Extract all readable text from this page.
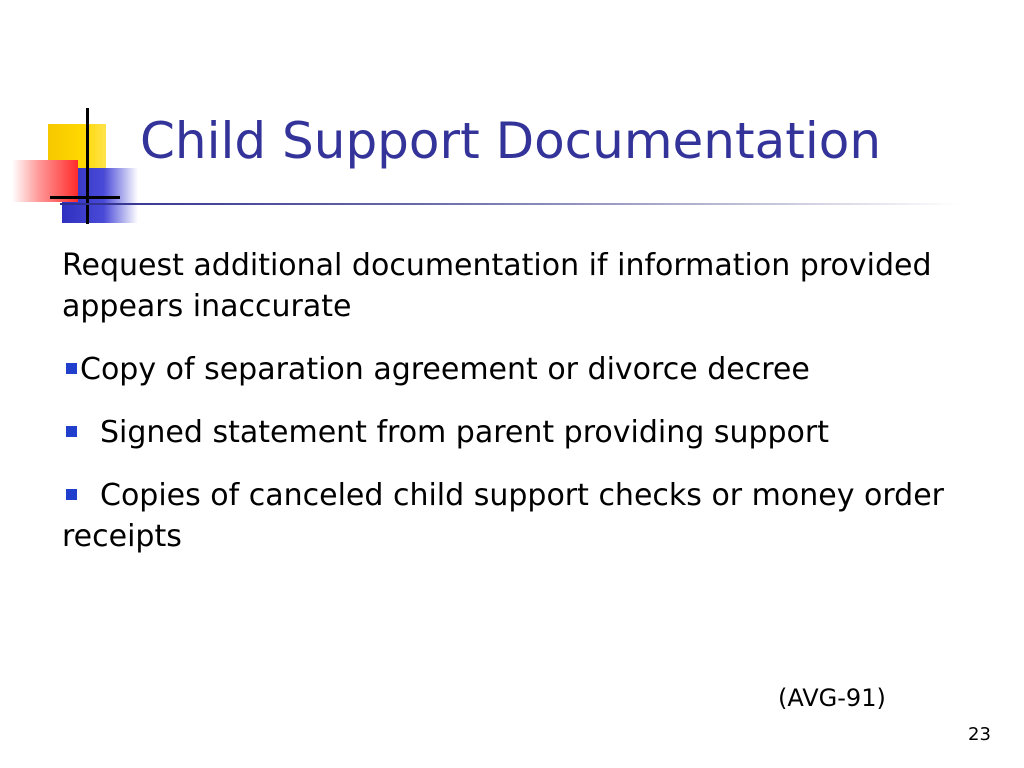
Child Support Documentation

Request additional documentation if information provided appears inaccurate

Copy of separation agreement or divorce decree
Signed statement from parent providing support
Copies of canceled child support checks or money order receipts
(AVG-91)
23
